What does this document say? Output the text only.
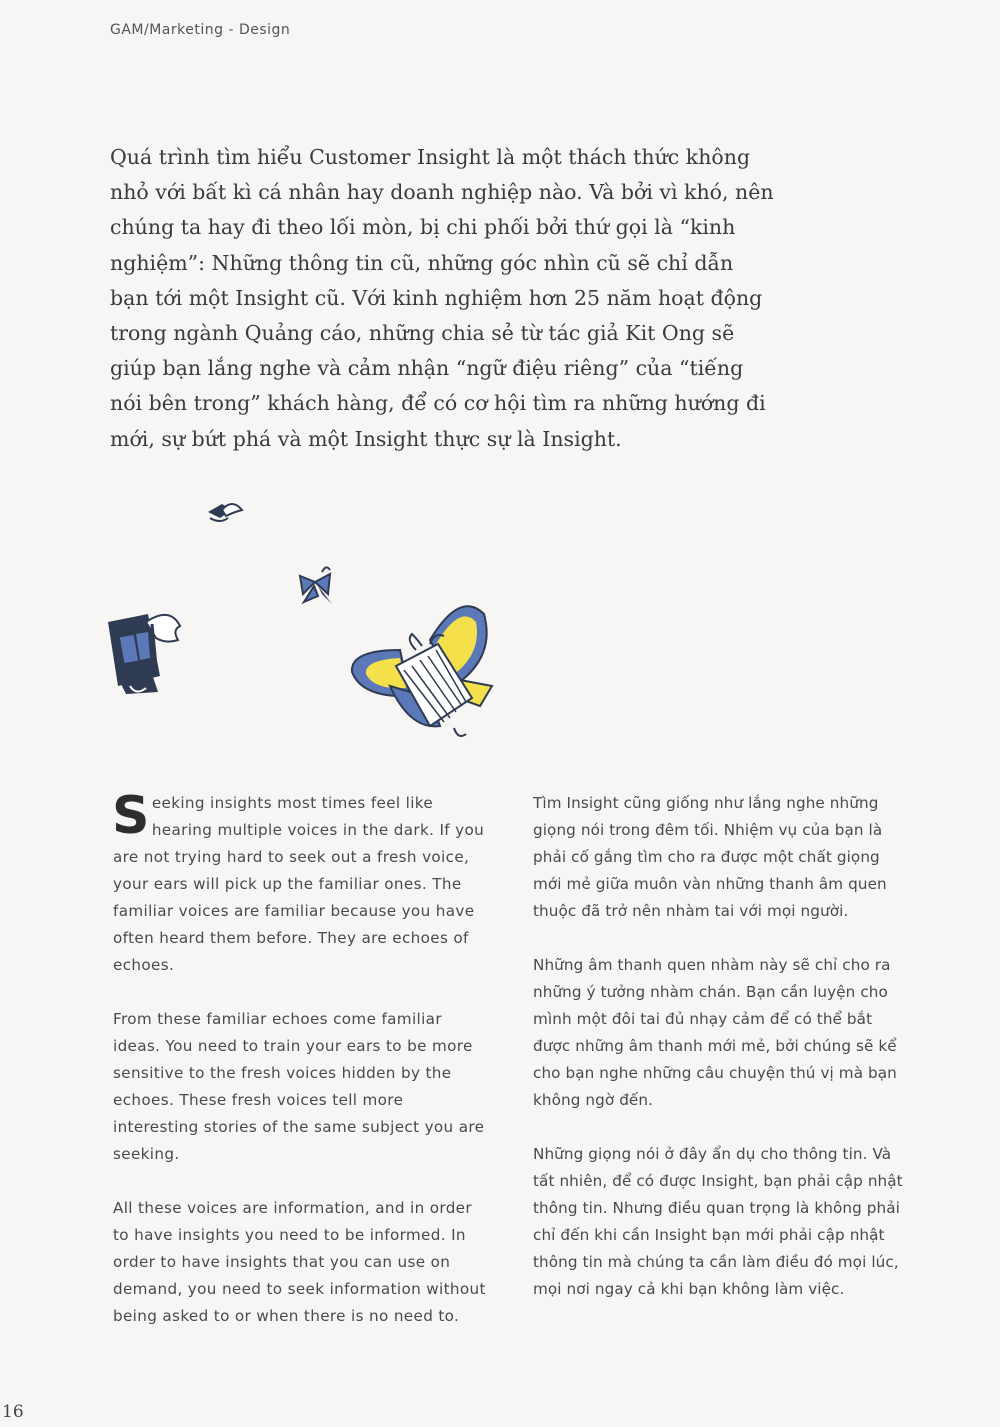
GAM/Marketing - Design

Quá trình tìm hiểu Customer Insight là một thách thức không nhỏ với bất kì cá nhân hay doanh nghiệp nào. Và bởi vì khó, nên chúng ta hay đi theo lối mòn, bị chi phối bởi thứ gọi là “kinh nghiệm”: Những thông tin cũ, những góc nhìn cũ sẽ chỉ dẫn bạn tới một Insight cũ. Với kinh nghiệm hơn 25 năm hoạt động trong ngành Quảng cáo, những chia sẻ từ tác giả Kit Ong sẽ giúp bạn lắng nghe và cảm nhận “ngữ điệu riêng” của “tiếng nói bên trong” khách hàng, để có cơ hội tìm ra những hướng đi mới, sự bứt phá và một Insight thực sự là Insight.

Seeking insights most times feel like hearing multiple voices in the dark. If you are not trying hard to seek out a fresh voice, your ears will pick up the familiar ones. The familiar voices are familiar because you have often heard them before. They are echoes of echoes.

From these familiar echoes come familiar ideas. You need to train your ears to be more sensitive to the fresh voices hidden by the echoes. These fresh voices tell more interesting stories of the same subject you are seeking.

All these voices are information, and in order to have insights you need to be informed. In order to have insights that you can use on demand, you need to seek information without being asked to or when there is no need to.

Tìm Insight cũng giống như lắng nghe những giọng nói trong đêm tối. Nhiệm vụ của bạn là phải cố gắng tìm cho ra được một chất giọng mới mẻ giữa muôn vàn những thanh âm quen thuộc đã trở nên nhàm tai với mọi người.

Những âm thanh quen nhàm này sẽ chỉ cho ra những ý tưởng nhàm chán. Bạn cần luyện cho mình một đôi tai đủ nhạy cảm để có thể bắt được những âm thanh mới mẻ, bởi chúng sẽ kể cho bạn nghe những câu chuyện thú vị mà bạn không ngờ đến.

Những giọng nói ở đây ẩn dụ cho thông tin. Và tất nhiên, để có được Insight, bạn phải cập nhật thông tin. Nhưng điều quan trọng là không phải chỉ đến khi cần Insight bạn mới phải cập nhật thông tin mà chúng ta cần làm điều đó mọi lúc, mọi nơi ngay cả khi bạn không làm việc.

16
